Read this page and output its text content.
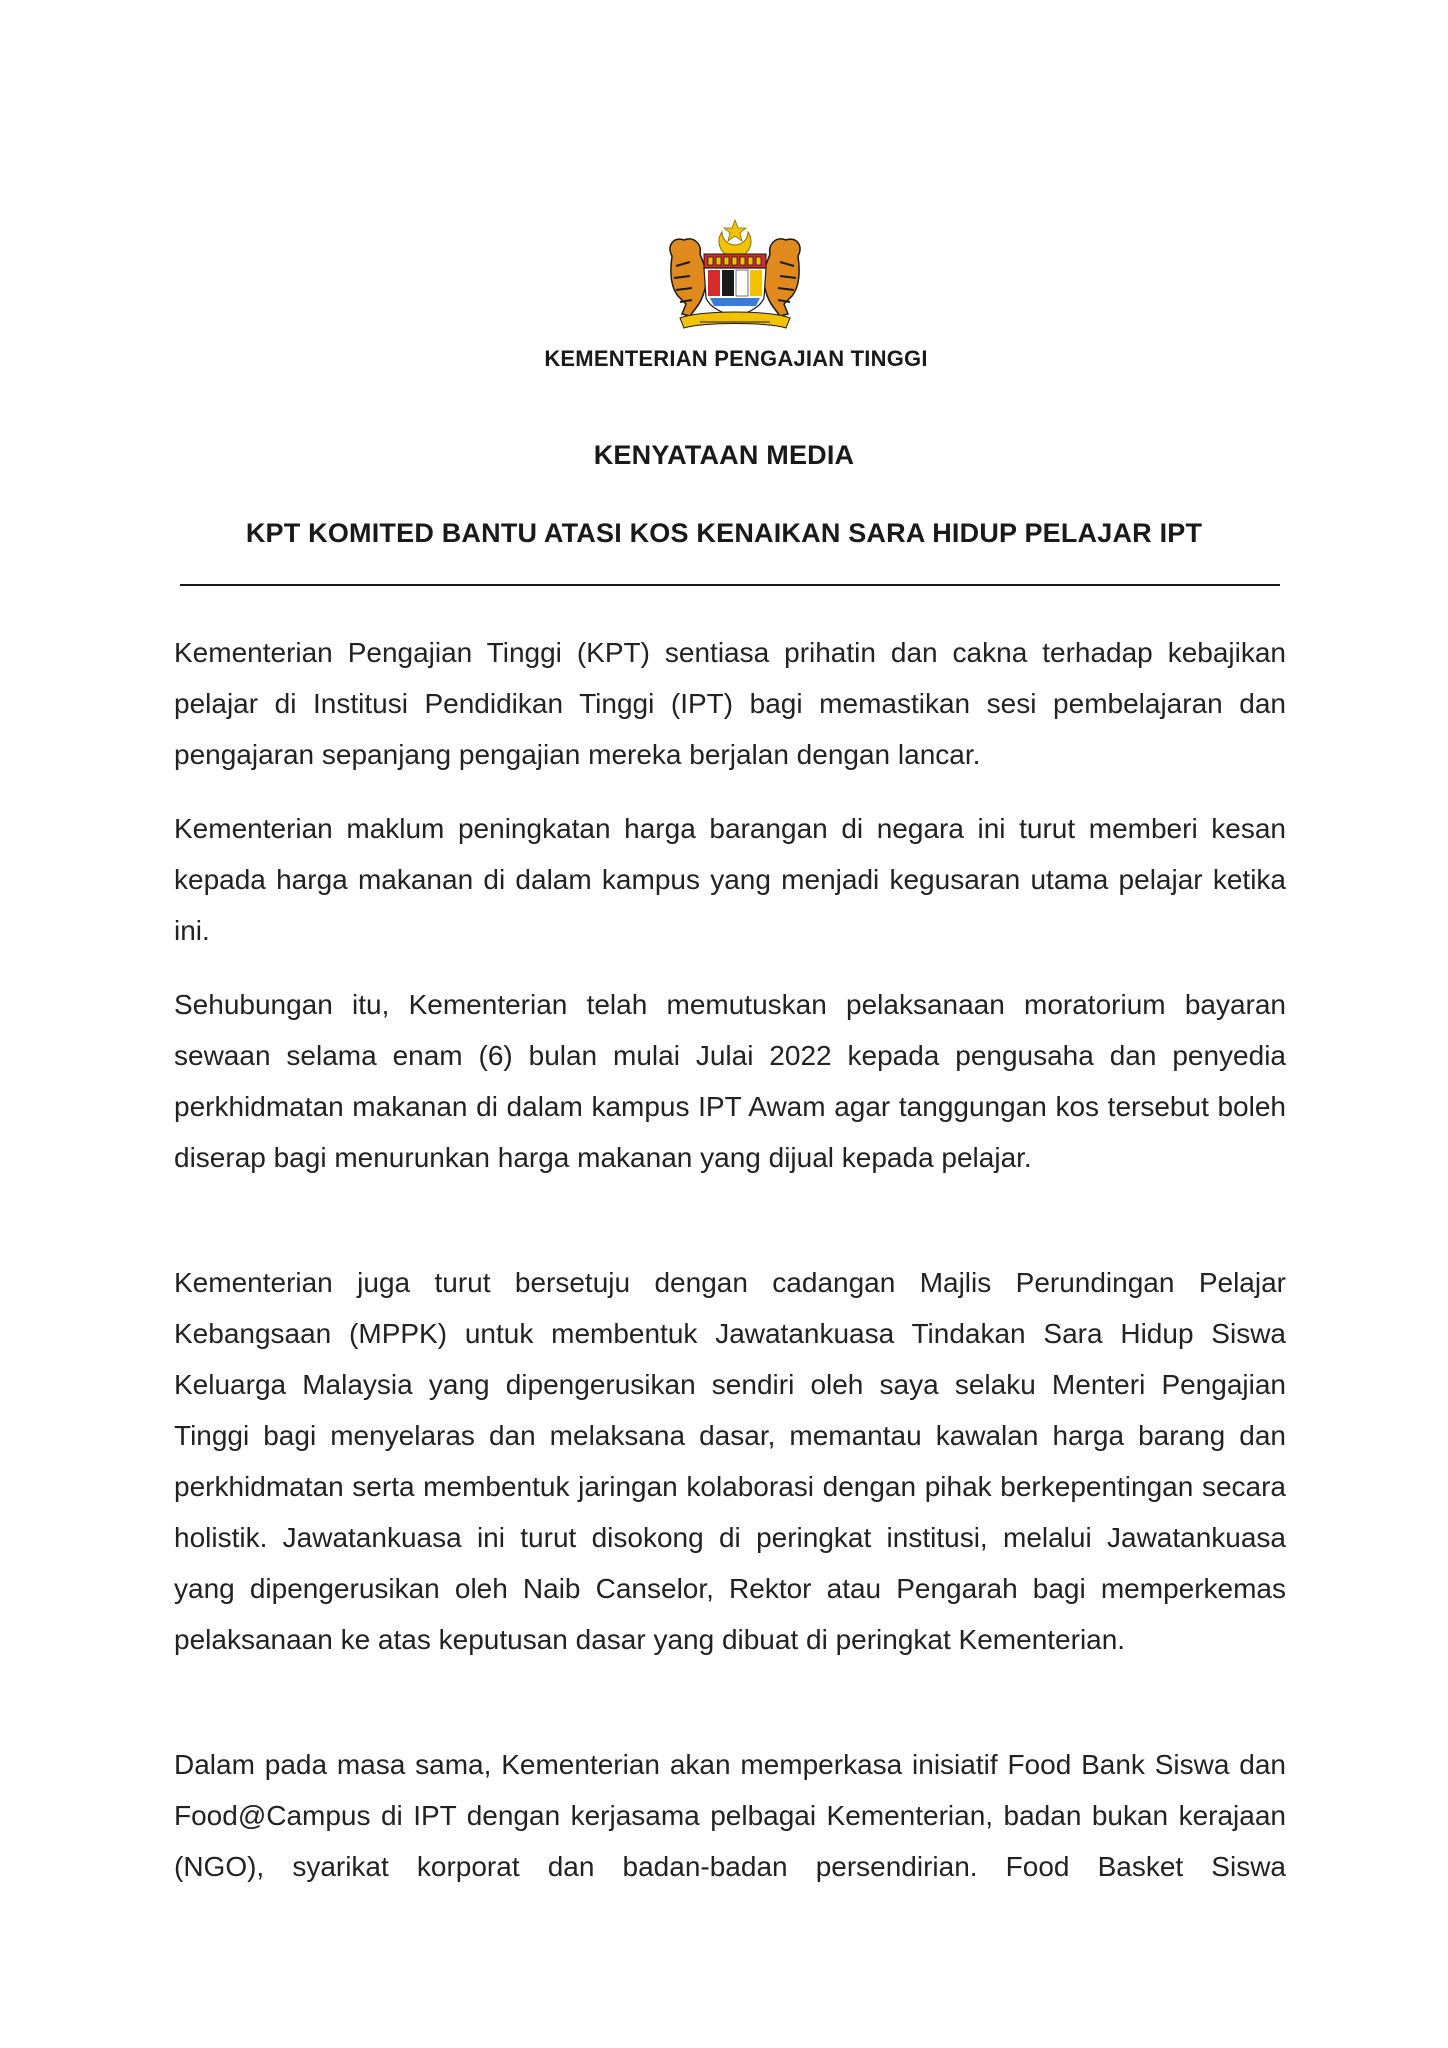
KEMENTERIAN PENGAJIAN TINGGI
KENYATAAN MEDIA
KPT KOMITED BANTU ATASI KOS KENAIKAN SARA HIDUP PELAJAR IPT

Kementerian Pengajian Tinggi (KPT) sentiasa prihatin dan cakna terhadap kebajikan pelajar di Institusi Pendidikan Tinggi (IPT) bagi memastikan sesi pembelajaran dan pengajaran sepanjang pengajian mereka berjalan dengan lancar.

Kementerian maklum peningkatan harga barangan di negara ini turut memberi kesan kepada harga makanan di dalam kampus yang menjadi kegusaran utama pelajar ketika ini.

Sehubungan itu, Kementerian telah memutuskan pelaksanaan moratorium bayaran sewaan selama enam (6) bulan mulai Julai 2022 kepada pengusaha dan penyedia perkhidmatan makanan di dalam kampus IPT Awam agar tanggungan kos tersebut boleh diserap bagi menurunkan harga makanan yang dijual kepada pelajar.

Kementerian juga turut bersetuju dengan cadangan Majlis Perundingan Pelajar Kebangsaan (MPPK) untuk membentuk Jawatankuasa Tindakan Sara Hidup Siswa Keluarga Malaysia yang dipengerusikan sendiri oleh saya selaku Menteri Pengajian Tinggi bagi menyelaras dan melaksana dasar, memantau kawalan harga barang dan perkhidmatan serta membentuk jaringan kolaborasi dengan pihak berkepentingan secara holistik. Jawatankuasa ini turut disokong di peringkat institusi, melalui Jawatankuasa yang dipengerusikan oleh Naib Canselor, Rektor atau Pengarah bagi memperkemas pelaksanaan ke atas keputusan dasar yang dibuat di peringkat Kementerian.

Dalam pada masa sama, Kementerian akan memperkasa inisiatif Food Bank Siswa dan Food@Campus di IPT dengan kerjasama pelbagai Kementerian, badan bukan kerajaan (NGO), syarikat korporat dan badan-badan persendirian. Food Basket Siswa
